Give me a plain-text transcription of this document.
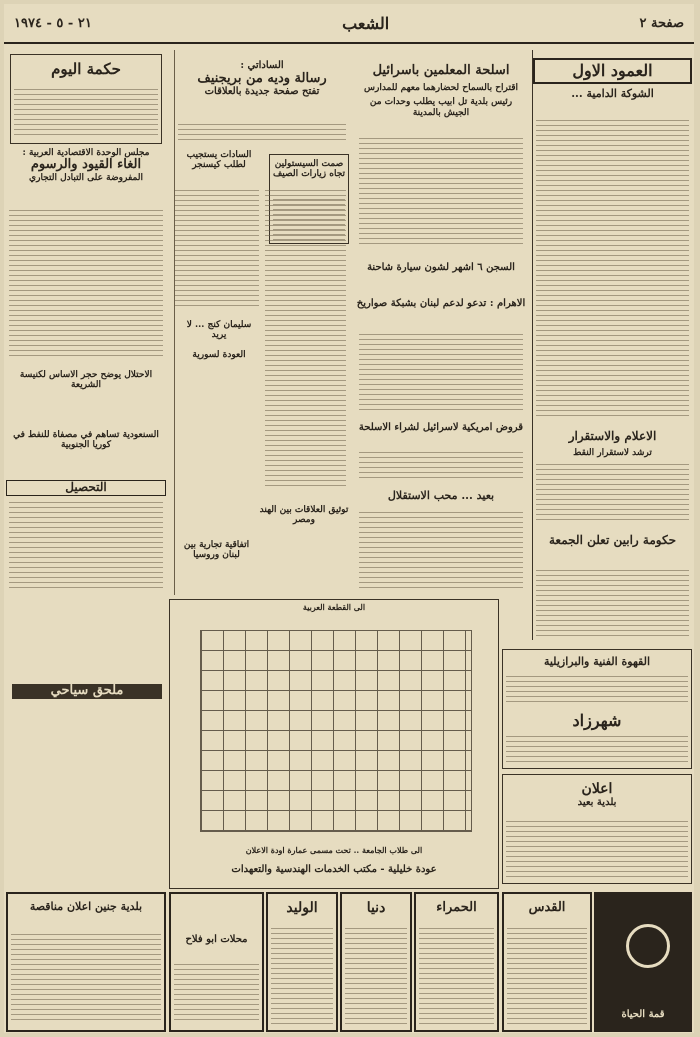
صفحة ٢
الشعب
٢١ - ٥ - ١٩٧٤
العمود الاول
الشوكة الدامية ...
الاعلام والاستقرار
ترشد لاستقرار النقط
حكومة رابين تعلن الجمعة
القهوة الفنية والبرازيلية
شهرزاد
اعلان
بلدية بعيد
اسلحة المعلمين باسرائيل
اقتراح بالسماح لحضارهما معهم للمدارس
رئيس بلدية تل ابيب يطلب وحدات من الجيش بالمدينة
السجن ٦ اشهر لشون سيارة شاحنة
الاهرام : تدعو لدعم لبنان بشبكة صواريخ
قروض امريكية لاسرائيل لشراء الاسلحة
بعيد ... محب الاستقلال
صمت السيستولين تجاه زيارات الصيف
الساداتي :
رسالة وديه من بريجنيف
تفتح صفحة جديدة بالعلاقات
السادات يستجيب لطلب كيسنجر
سليمان كنج ... لا يريد
العودة لسورية
توثيق العلاقات بين الهند ومصر
اتفاقية تجارية بين لبنان وروسيا
حكمة اليوم
مجلس الوحدة الاقتصادية العربية :
الغاء القيود والرسوم
المفروضة على التبادل التجاري
الاحتلال يوضح حجر الاساس لكنيسة الشريعة
السنعودية تساهم في مصفاة للنفط في كوريا الجنوبية
التحصيل
ملحق سياحي
الى القطعة العربية
الى طلاب الجامعة .. تحت مسمى عمارة اودة الاعلان
عودة خليلية - مكتب الخدمات الهندسية والتعهدات
بلدية جنين اعلان مناقصة
محلات ابو فلاح
الوليد	دنيا	الحمراء	القدس
قمة الحياة
